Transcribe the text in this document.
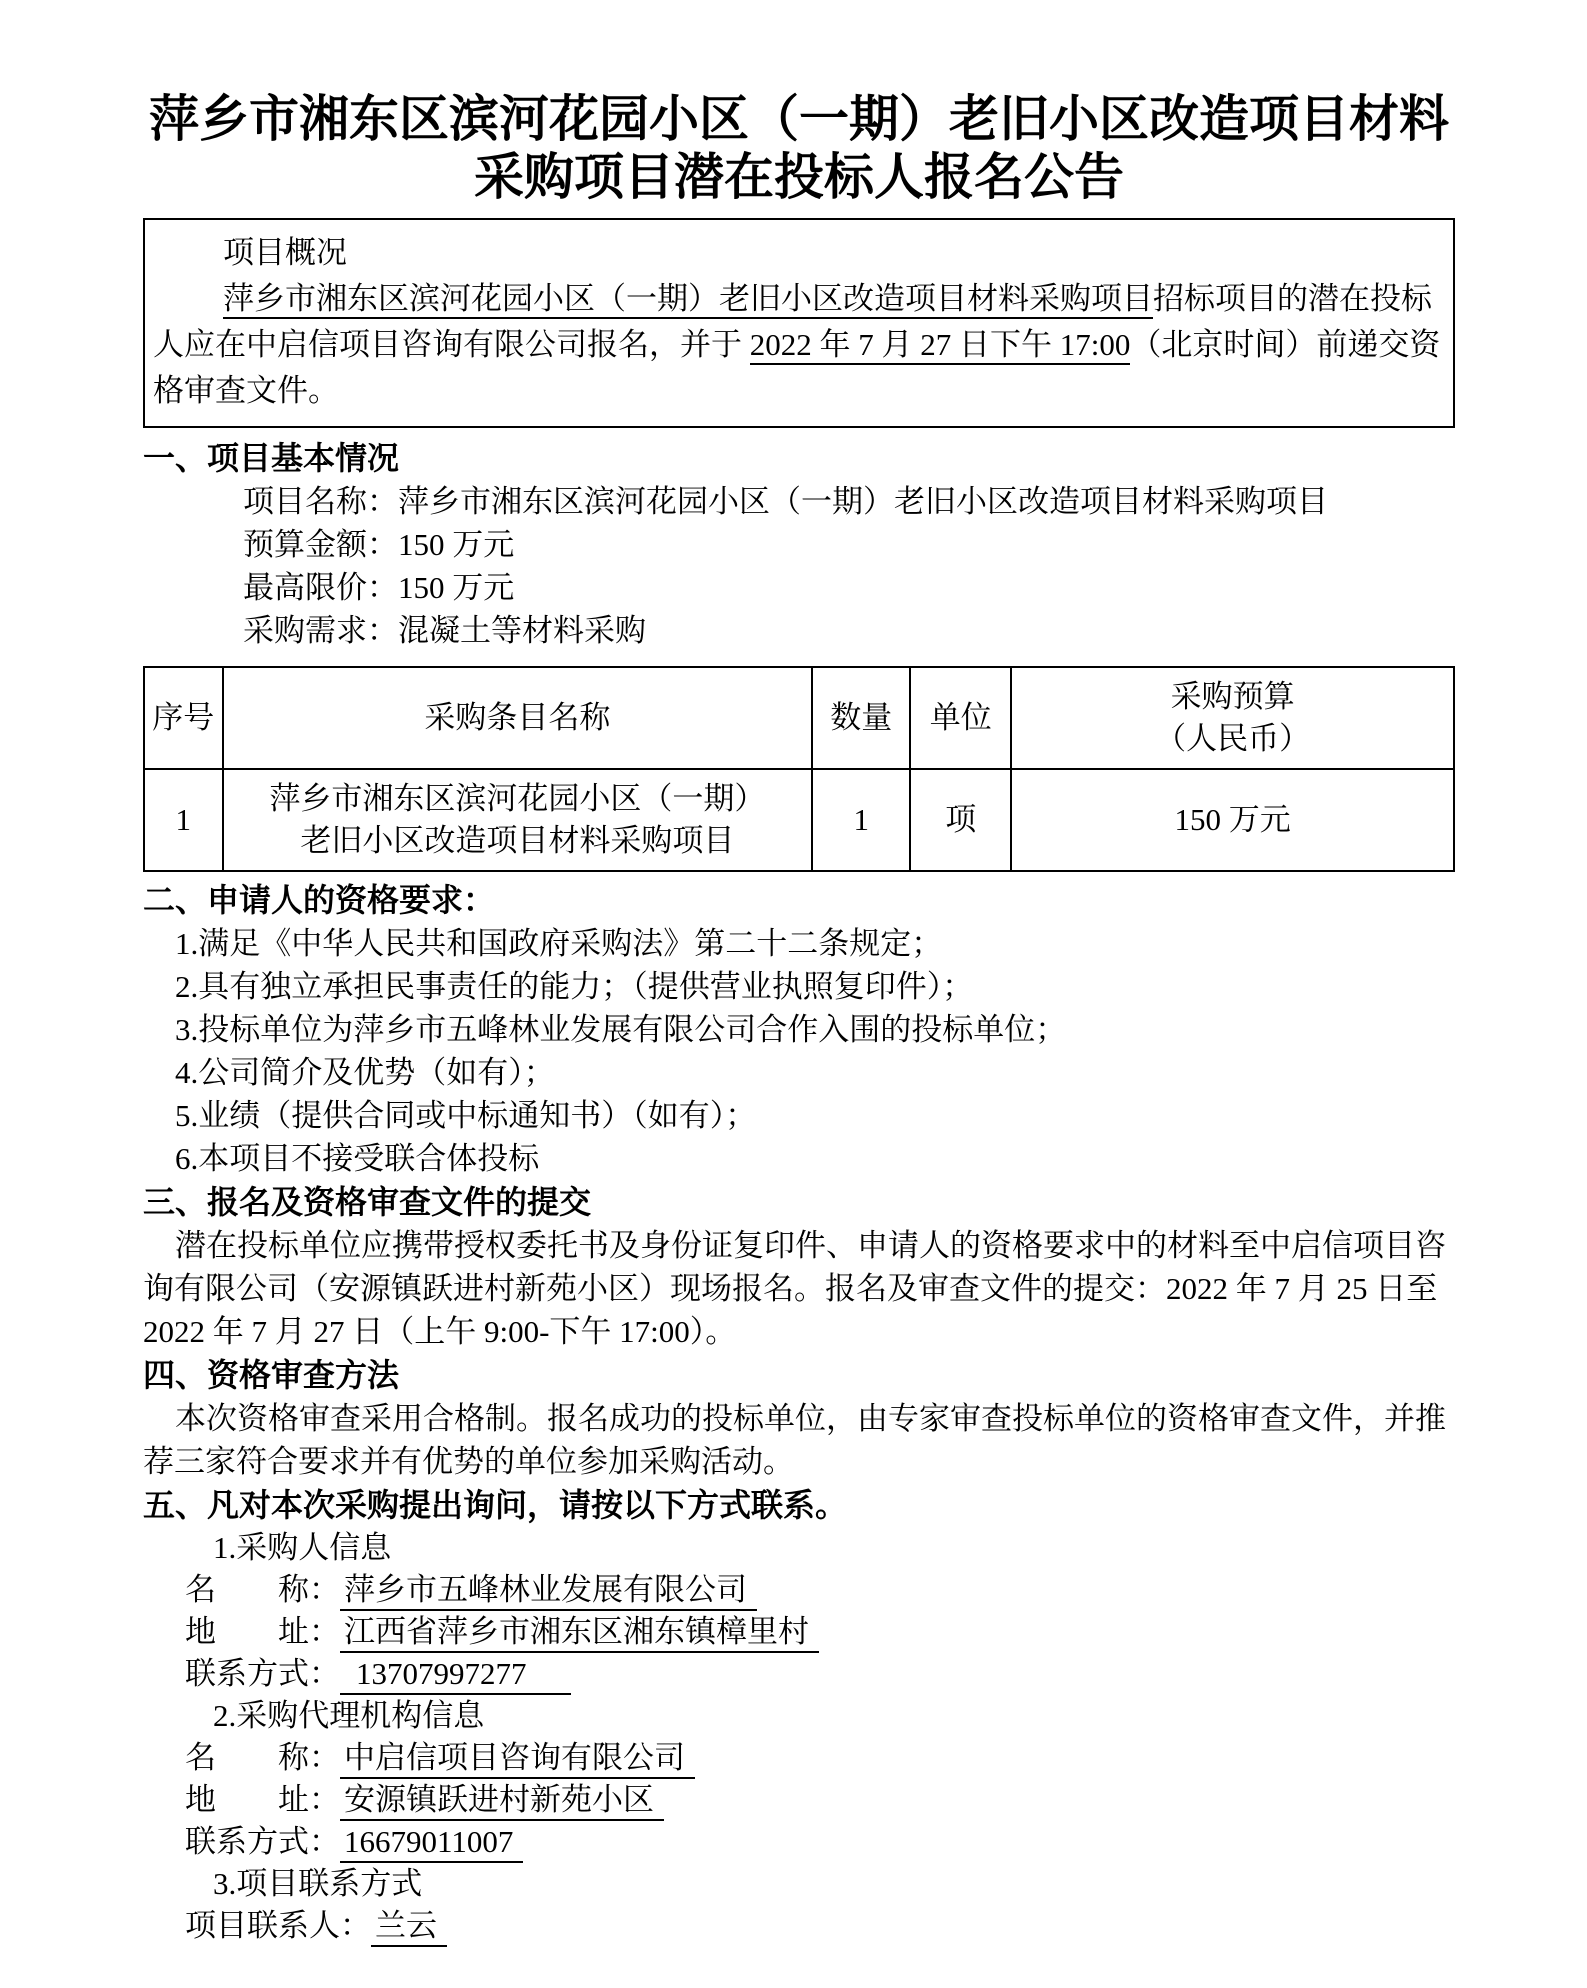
萍乡市湘东区滨河花园小区（一期）老旧小区改造项目材料
采购项目潜在投标人报名公告
项目概况

萍乡市湘东区滨河花园小区（一期）老旧小区改造项目材料采购项目招标项目的潜在投标人应在中启信项目咨询有限公司报名，并于 2022 年 7 月 27 日下午 17:00（北京时间）前递交资格审查文件。

一、项目基本情况
项目名称：萍乡市湘东区滨河花园小区（一期）老旧小区改造项目材料采购项目
预算金额：150 万元
最高限价：150 万元
采购需求：混凝土等材料采购
序号	采购条目名称	数量	单位	采购预算
（人民币）

1	萍乡市湘东区滨河花园小区（一期）
老旧小区改造项目材料采购项目	1	项	150 万元
二、申请人的资格要求：
1.满足《中华人民共和国政府采购法》第二十二条规定；
2.具有独立承担民事责任的能力；（提供营业执照复印件）；
3.投标单位为萍乡市五峰林业发展有限公司合作入围的投标单位；
4.公司简介及优势（如有）；
5.业绩（提供合同或中标通知书）（如有）；
6.本项目不接受联合体投标
三、报名及资格审查文件的提交

潜在投标单位应携带授权委托书及身份证复印件、申请人的资格要求中的材料至中启信项目咨询有限公司（安源镇跃进村新苑小区）现场报名。报名及审查文件的提交：2022 年 7 月 25 日至 2022 年 7 月 27 日（上午 9:00-下午 17:00）。

四、资格审查方法

本次资格审查采用合格制。报名成功的投标单位，由专家审查投标单位的资格审查文件，并推荐三家符合要求并有优势的单位参加采购活动。

五、凡对本次采购提出询问，请按以下方式联系。
1.采购人信息
名　　称： 萍乡市五峰林业发展有限公司
地　　址： 江西省萍乡市湘东区湘东镇樟里村
联系方式： 13707997277
2.采购代理机构信息
名　　称： 中启信项目咨询有限公司
地　　址： 安源镇跃进村新苑小区
联系方式： 16679011007
3.项目联系方式
项目联系人： 兰云
